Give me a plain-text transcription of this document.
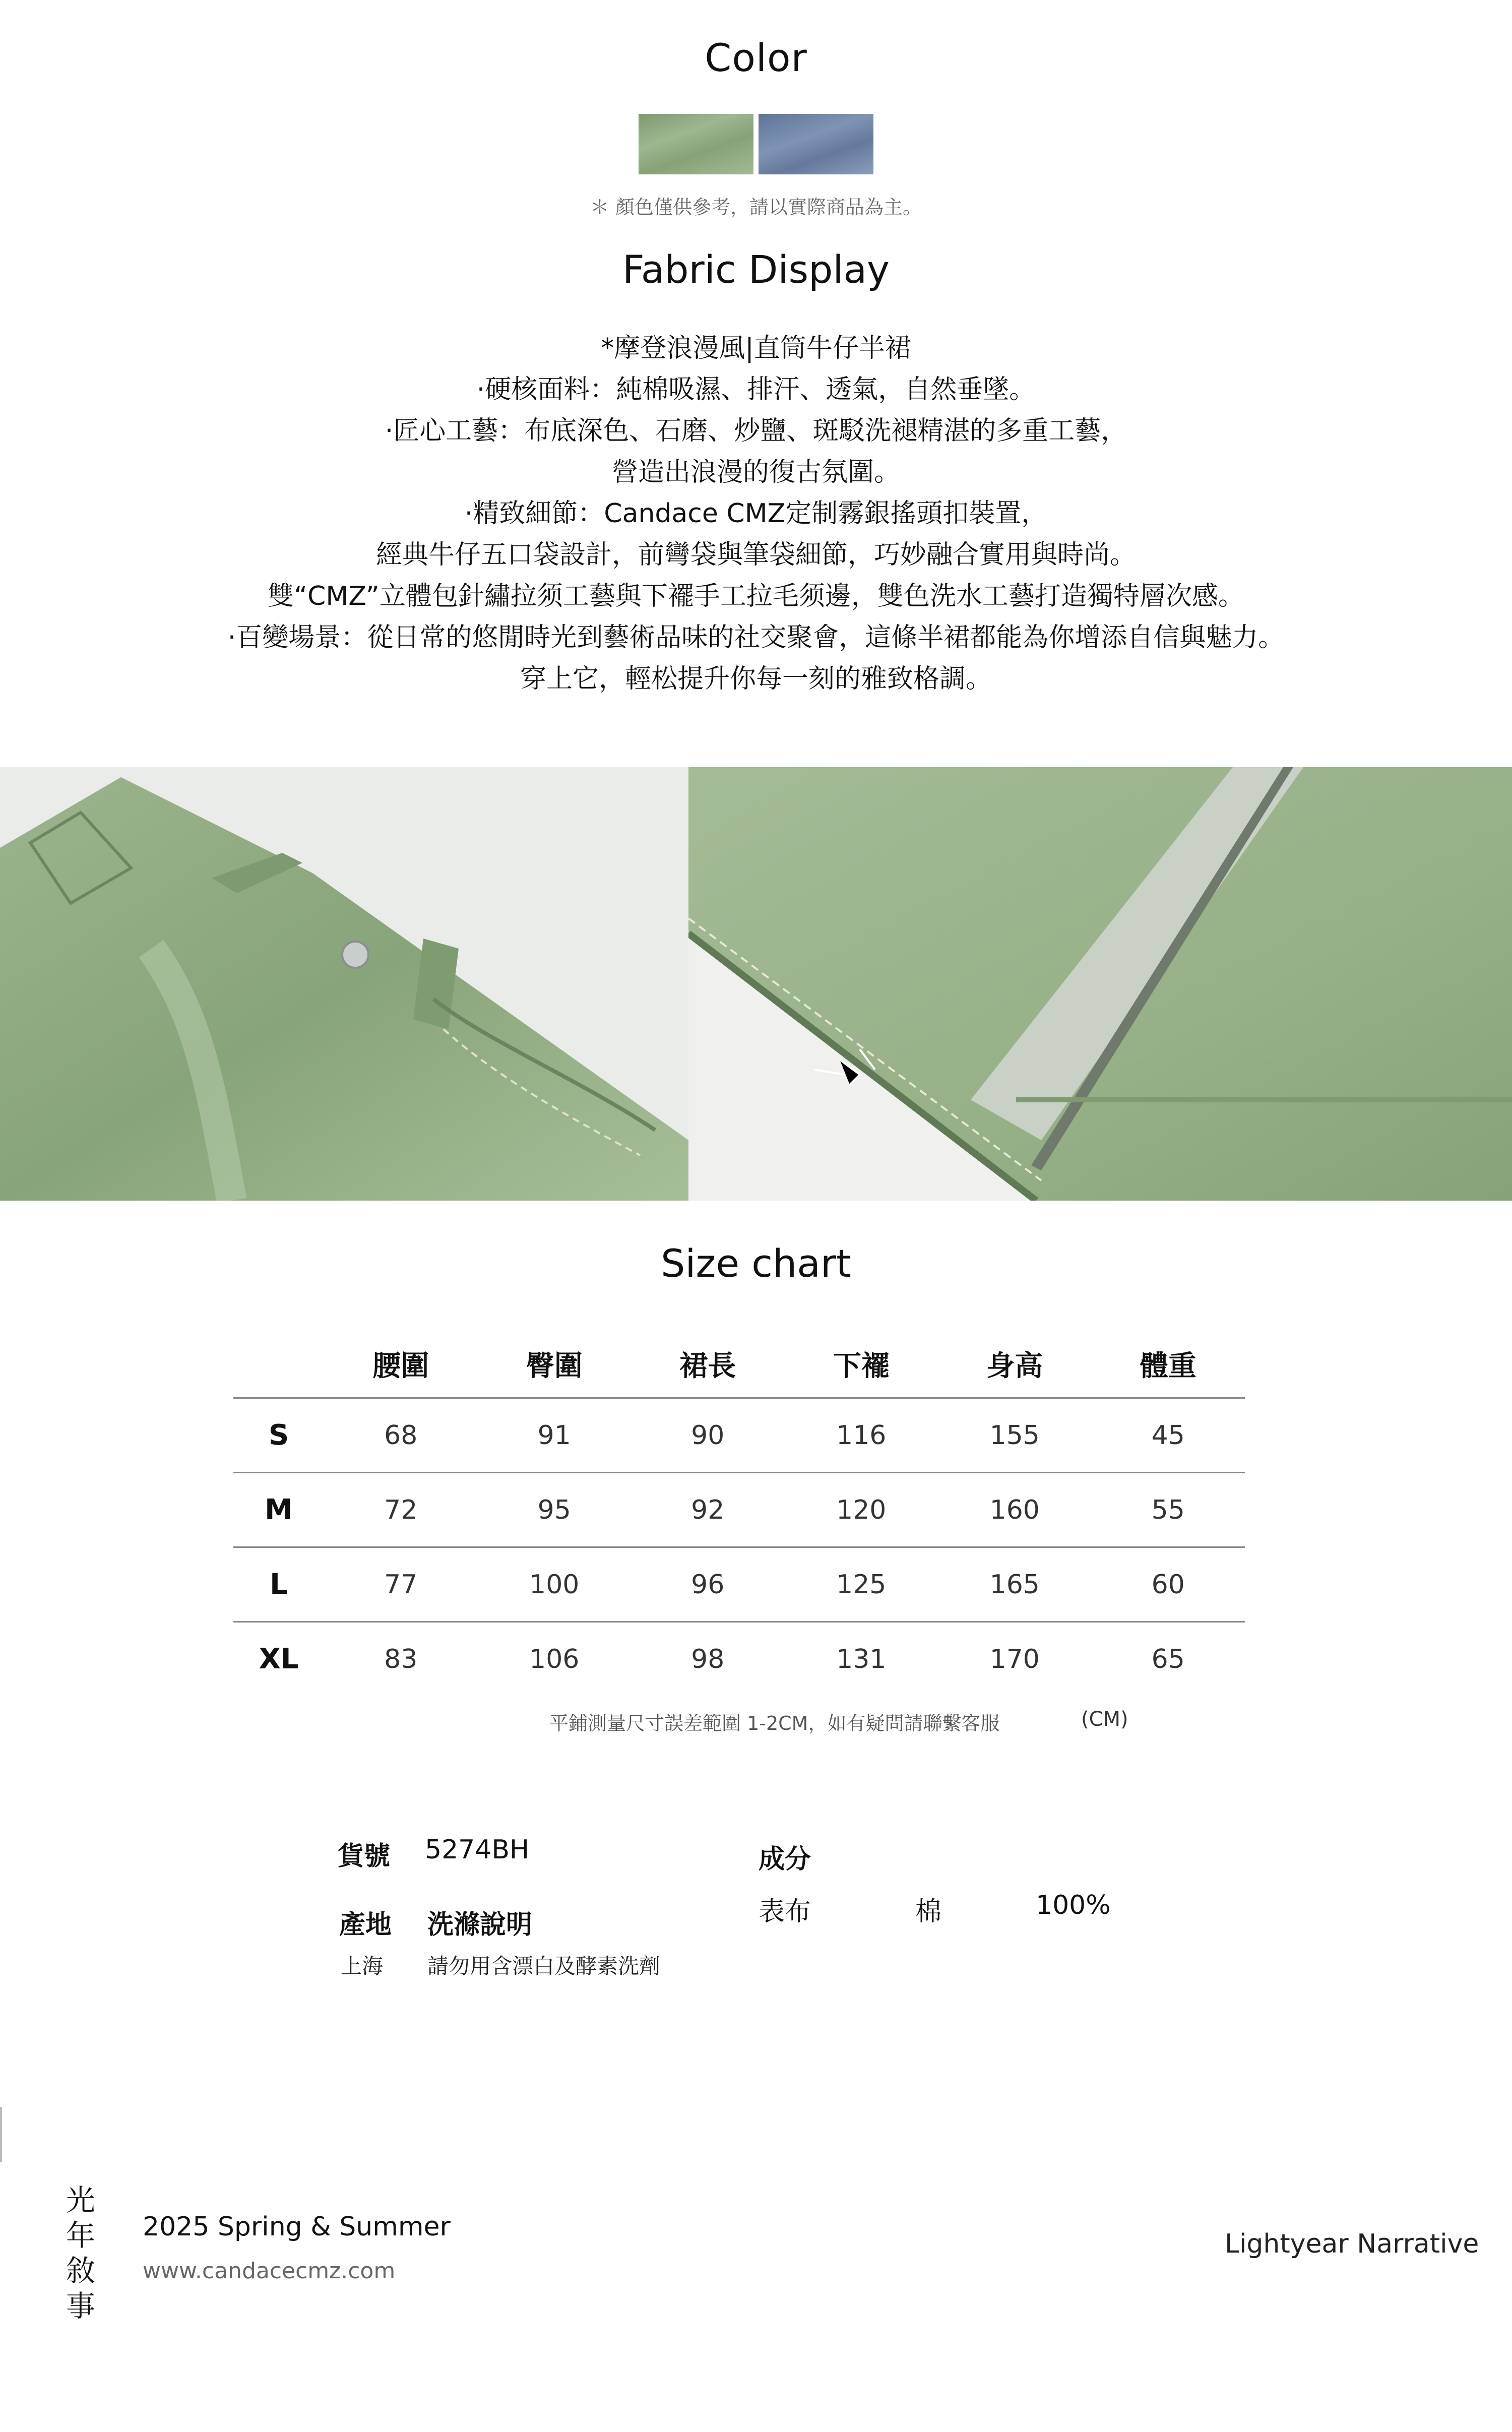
Color
＊ 顏色僅供參考，請以實際商品為主。
Fabric Display
*摩登浪漫風|直筒牛仔半裙
·硬核面料：純棉吸濕、排汗、透氣，自然垂墜。
·匠心工藝：布底深色、石磨、炒鹽、斑駁洗褪精湛的多重工藝，
營造出浪漫的復古氛圍。
·精致細節：Candace CMZ定制霧銀搖頭扣裝置，
經典牛仔五口袋設計，前彎袋與筆袋細節，巧妙融合實用與時尚。
雙“CMZ”立體包針繡拉须工藝與下襬手工拉毛须邊，雙色洗水工藝打造獨特層次感。
·百變場景：從日常的悠閒時光到藝術品味的社交聚會，這條半裙都能為你增添自信與魅力。
穿上它，輕松提升你每一刻的雅致格調。
Size chart
	腰圍	臀圍	裙長	下襬	身高	體重
S	68	91	90	116	155	45
M	72	95	92	120	160	55
L	77	100	96	125	165	60
XL	83	106	98	131	170	65
平鋪測量尺寸誤差範圍 1-2CM，如有疑問請聯繫客服	(CM)
貨號 5274BH
產地 洗滌說明
上海 請勿用含漂白及酵素洗劑
成分
表布	棉	100%
光年敘事
2025 Spring & Summer
www.candacecmz.com
Lightyear Narrative
